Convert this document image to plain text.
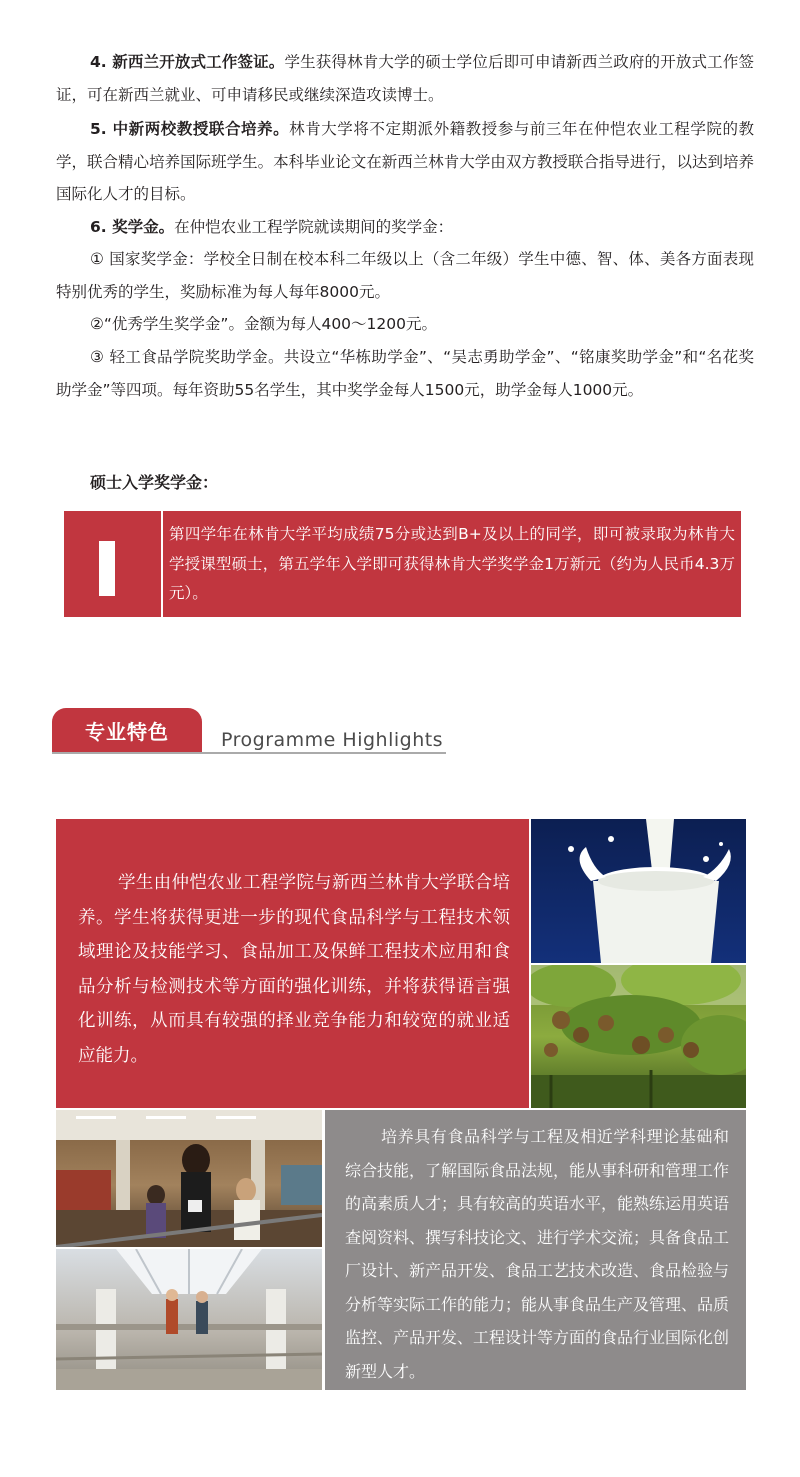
4. 新西兰开放式工作签证。学生获得林肯大学的硕士学位后即可申请新西兰政府的开放式工作签证，可在新西兰就业、可申请移民或继续深造攻读博士。

5. 中新两校教授联合培养。林肯大学将不定期派外籍教授参与前三年在仲恺农业工程学院的教学，联合精心培养国际班学生。本科毕业论文在新西兰林肯大学由双方教授联合指导进行，以达到培养国际化人才的目标。

6. 奖学金。在仲恺农业工程学院就读期间的奖学金：

① 国家奖学金：学校全日制在校本科二年级以上（含二年级）学生中德、智、体、美各方面表现特别优秀的学生，奖励标准为每人每年8000元。

②“优秀学生奖学金”。金额为每人400～1200元。

③ 轻工食品学院奖助学金。共设立“华栋助学金”、“吴志勇助学金”、“铭康奖助学金”和“名花奖助学金”等四项。每年资助55名学生，其中奖学金每人1500元，助学金每人1000元。

硕士入学奖学金：

第四学年在林肯大学平均成绩75分或达到B+及以上的同学，即可被录取为林肯大学授课型硕士，第五学年入学即可获得林肯大学奖学金1万新元（约为人民币4.3万元）。

专业特色	Programme Highlights

学生由仲恺农业工程学院与新西兰林肯大学联合培养。学生将获得更进一步的现代食品科学与工程技术领域理论及技能学习、食品加工及保鲜工程技术应用和食品分析与检测技术等方面的强化训练，并将获得语言强化训练，从而具有较强的择业竞争能力和较宽的就业适应能力。

培养具有食品科学与工程及相近学科理论基础和综合技能，了解国际食品法规，能从事科研和管理工作的高素质人才；具有较高的英语水平，能熟练运用英语查阅资料、撰写科技论文、进行学术交流；具备食品工厂设计、新产品开发、食品工艺技术改造、食品检验与分析等实际工作的能力；能从事食品生产及管理、品质监控、产品开发、工程设计等方面的食品行业国际化创新型人才。
